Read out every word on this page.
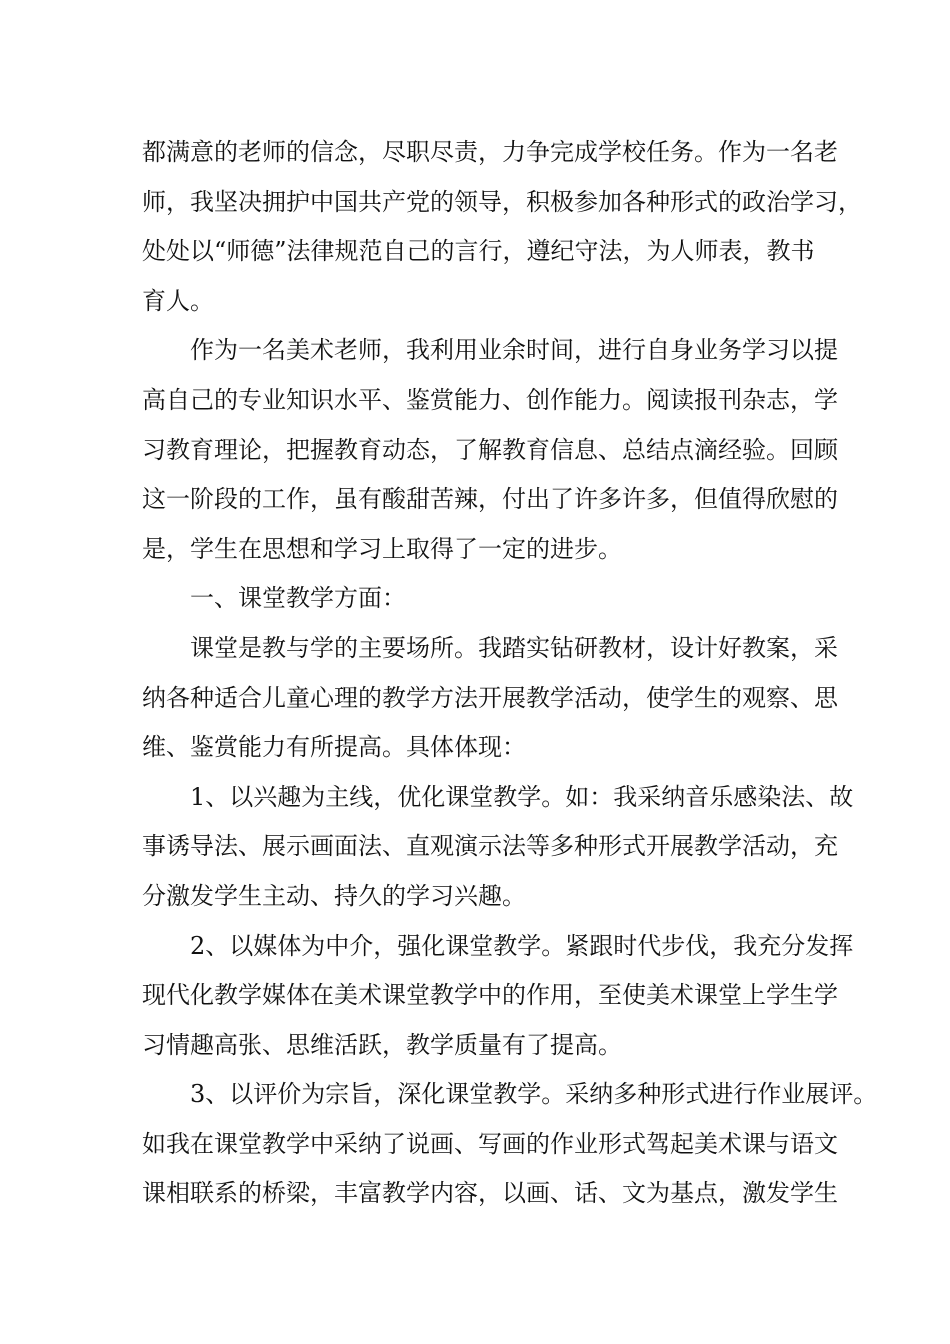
都满意的老师的信念，尽职尽责，力争完成学校任务。作为一名老
师，我坚决拥护中国共产党的领导，积极参加各种形式的政治学习，
处处以“师德”法律规范自己的言行，遵纪守法，为人师表，教书
育人。
作为一名美术老师，我利用业余时间，进行自身业务学习以提
高自己的专业知识水平、鉴赏能力、创作能力。阅读报刊杂志，学
习教育理论，把握教育动态，了解教育信息、总结点滴经验。回顾
这一阶段的工作，虽有酸甜苦辣，付出了许多许多，但值得欣慰的
是，学生在思想和学习上取得了一定的进步。
一、课堂教学方面：
课堂是教与学的主要场所。我踏实钻研教材，设计好教案，采
纳各种适合儿童心理的教学方法开展教学活动，使学生的观察、思
维、鉴赏能力有所提高。具体体现：
1、以兴趣为主线，优化课堂教学。如：我采纳音乐感染法、故
事诱导法、展示画面法、直观演示法等多种形式开展教学活动，充
分激发学生主动、持久的学习兴趣。
2、以媒体为中介，强化课堂教学。紧跟时代步伐，我充分发挥
现代化教学媒体在美术课堂教学中的作用，至使美术课堂上学生学
习情趣高张、思维活跃，教学质量有了提高。
3、以评价为宗旨，深化课堂教学。采纳多种形式进行作业展评。
如我在课堂教学中采纳了说画、写画的作业形式驾起美术课与语文
课相联系的桥梁，丰富教学内容，以画、话、文为基点，激发学生
